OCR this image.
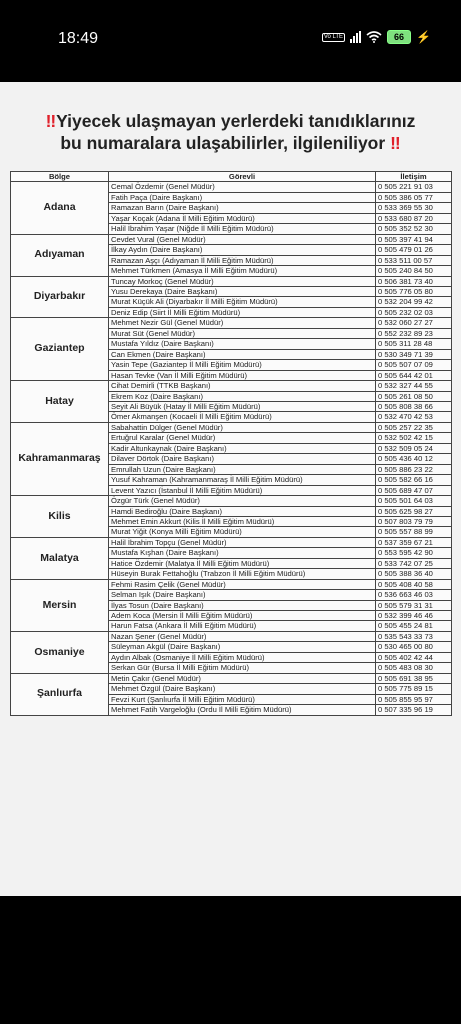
18:49	Vo LTE	66	⚡
‼Yiyecek ulaşmayan yerlerdeki tanıdıklarınız
bu numaralara ulaşabilirler, ilgileniliyor ‼
Bölge	Görevli	İletişim
Adana	Cemal Özdemir (Genel Müdür)	0 505 221 91 03
	Fatih Paça (Daire Başkanı)	0 505 386 05 77
	Ramazan Barın (Daire Başkanı)	0 533 369 55 30
	Yaşar Koçak (Adana İl Milli Eğitim Müdürü)	0 533 680 87 20
	Halil İbrahim Yaşar (Niğde İl Milli Eğitim Müdürü)	0 505 352 52 30
Adıyaman	Cevdet Vural (Genel Müdür)	0 505 397 41 94
	İlkay Aydın (Daire Başkanı)	0 505 479 01 26
	Ramazan Aşçı (Adıyaman İl Milli Eğitim Müdürü)	0 533 511 00 57
	Mehmet Türkmen (Amasya İl Milli Eğitim Müdürü)	0 505 240 84 50
Diyarbakır	Tuncay Morkoç (Genel Müdür)	0 506 381 73 40
	Yusu Derekaya (Daire Başkanı)	0 505 776 05 80
	Murat Küçük Ali (Diyarbakır İl Milli Eğitim Müdürü)	0 532 204 99 42
	Deniz Edip (Siirt İl Milli Eğitim Müdürü)	0 505 232 02 03
Gaziantep	Mehmet Nezir Gül (Genel Müdür)	0 532 060 27 27
	Murat Süt (Genel Müdür)	0 552 232 89 23
	Mustafa Yıldız (Daire Başkanı)	0 505 311 28 48
	Can Ekmen (Daire Başkanı)	0 530 349 71 39
	Yasin Tepe (Gaziantep İl Milli Eğitim Müdürü)	0 505 507 07 09
	Hasan Tevke (Van İl Milli Eğitim Müdürü)	0 505 644 42 01
Hatay	Cihat Demirli (TTKB Başkanı)	0 532 327 44 55
	Ekrem Koz (Daire Başkanı)	0 505 261 08 50
	Seyit Ali Büyük (Hatay İl Milli Eğitim Müdürü)	0 505 808 38 66
	Ömer Akmanşen (Kocaeli İl Milli Eğitim Müdürü)	0 532 470 42 53
Kahramanmaraş	Sabahattin Dülger (Genel Müdür)	0 505 257 22 35
	Ertuğrul Karalar (Genel Müdür)	0 532 502 42 15
	Kadir Altunkaynak (Daire Başkanı)	0 532 509 05 24
	Dilaver Dörtok (Daire Başkanı)	0 505 436 40 12
	Emrullah Uzun (Daire Başkanı)	0 505 886 23 22
	Yusuf Kahraman (Kahramanmaraş İl Milli Eğitim Müdürü)	0 505 582 66 16
	Levent Yazıcı (İstanbul İl Milli Eğitim Müdürü)	0 505 689 47 07
Kilis	Özgür Türk (Genel Müdür)	0 505 501 64 03
	Hamdi Bediroğlu (Daire Başkanı)	0 505 625 98 27
	Mehmet Emin Akkurt (Kilis İl Milli Eğitim Müdürü)	0 507 803 79 79
	Murat Yiğit (Konya Milli Eğitim Müdürü)	0 505 557 88 99
Malatya	Halil İbrahim Topçu (Genel Müdür)	0 537 359 67 21
	Mustafa Kışhan (Daire Başkanı)	0 553 595 42 90
	Hatice Özdemir (Malatya İl Milli Eğitim Müdürü)	0 533 742 07 25
	Hüseyin Burak Fettahoğlu (Trabzon İl Milli Eğitim Müdürü)	0 505 388 36 40
Mersin	Fehmi Rasim Çelik (Genel Müdür)	0 505 408 40 58
	Selman Işık (Daire Başkanı)	0 536 663 46 03
	İlyas Tosun (Daire Başkanı)	0 505 579 31 31
	Adem Koca (Mersin İl Milli Eğitim Müdürü)	0 532 399 46 46
	Harun Fatsa (Ankara İl Milli Eğitim Müdürü)	0 505 455 24 81
Osmaniye	Nazan Şener (Genel Müdür)	0 535 543 33 73
	Süleyman Akgül (Daire Başkanı)	0 530 465 00 80
	Aydın Albak (Osmaniye İl Milli Eğitim Müdürü)	0 505 402 42 44
	Serkan Gür (Bursa İl Milli Eğitim Müdürü)	0 505 483 08 30
Şanlıurfa	Metin Çakır (Genel Müdür)	0 505 691 38 95
	Mehmet Özgül (Daire Başkanı)	0 505 775 89 15
	Fevzi Kurt (Şanlıurfa İl Milli Eğitim Müdürü)	0 505 855 95 97
	Mehmet Fatih Vargeloğlu (Ordu İl Milli Eğitim Müdürü)	0 507 335 96 19
